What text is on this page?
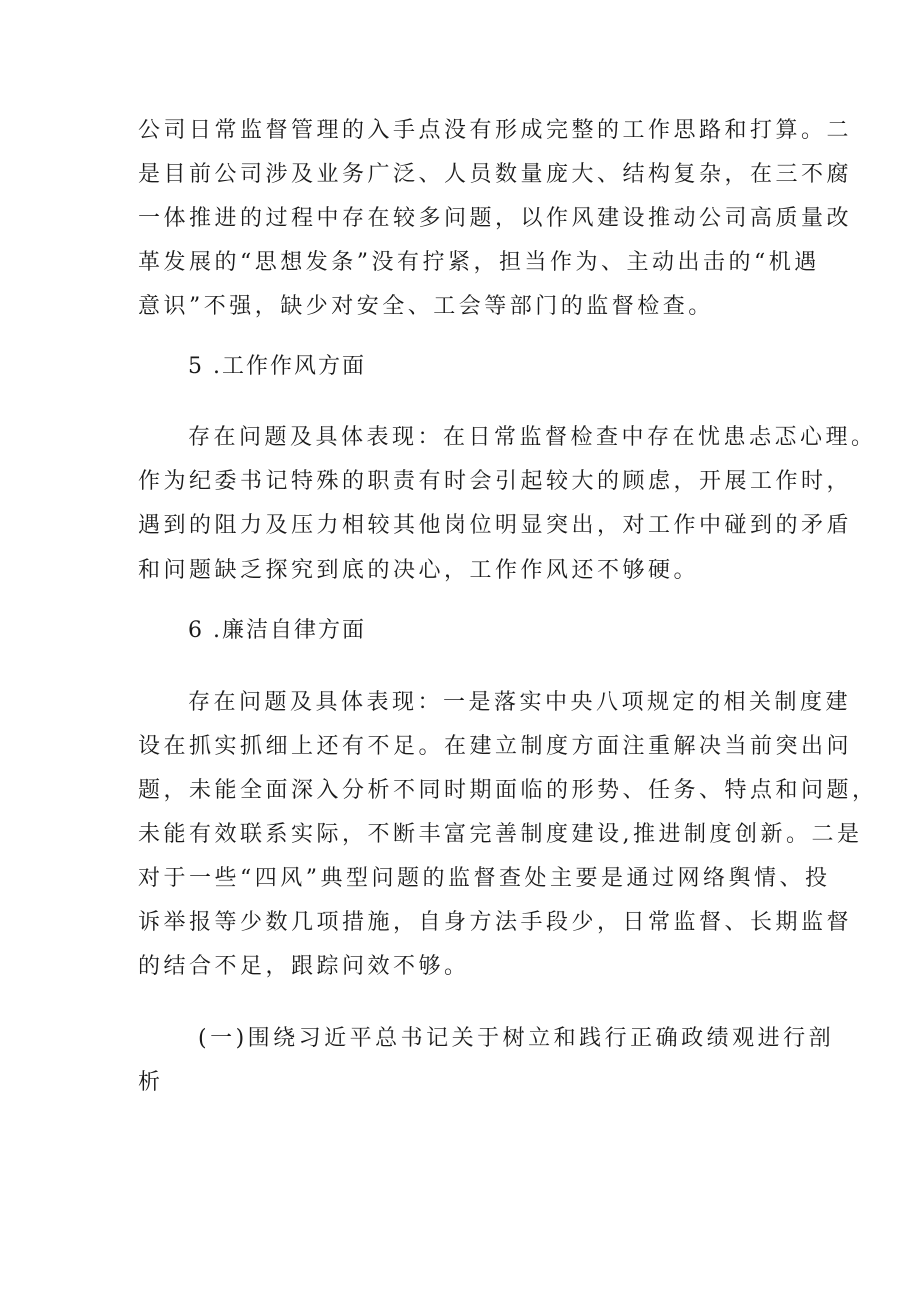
公司日常监督管理的入手点没有形成完整的工作思路和打算。二
是目前公司涉及业务广泛、人员数量庞大、结构复杂，在三不腐
一体推进的过程中存在较多问题，以作风建设推动公司高质量改
革发展的“思想发条”没有拧紧，担当作为、主动出击的“机遇
意识”不强，缺少对安全、工会等部门的监督检查。
5 .工作作风方面
存在问题及具体表现：在日常监督检查中存在忧患忐忑心理。
作为纪委书记特殊的职责有时会引起较大的顾虑，开展工作时，
遇到的阻力及压力相较其他岗位明显突出，对工作中碰到的矛盾
和问题缺乏探究到底的决心，工作作风还不够硬。
6 .廉洁自律方面
存在问题及具体表现：一是落实中央八项规定的相关制度建
设在抓实抓细上还有不足。在建立制度方面注重解决当前突出问
题，未能全面深入分析不同时期面临的形势、任务、特点和问题，
未能有效联系实际，不断丰富完善制度建设,推进制度创新。二是
对于一些“四风”典型问题的监督查处主要是通过网络舆情、投
诉举报等少数几项措施，自身方法手段少，日常监督、长期监督
的结合不足，跟踪问效不够。
(一)围绕习近平总书记关于树立和践行正确政绩观进行剖
析
